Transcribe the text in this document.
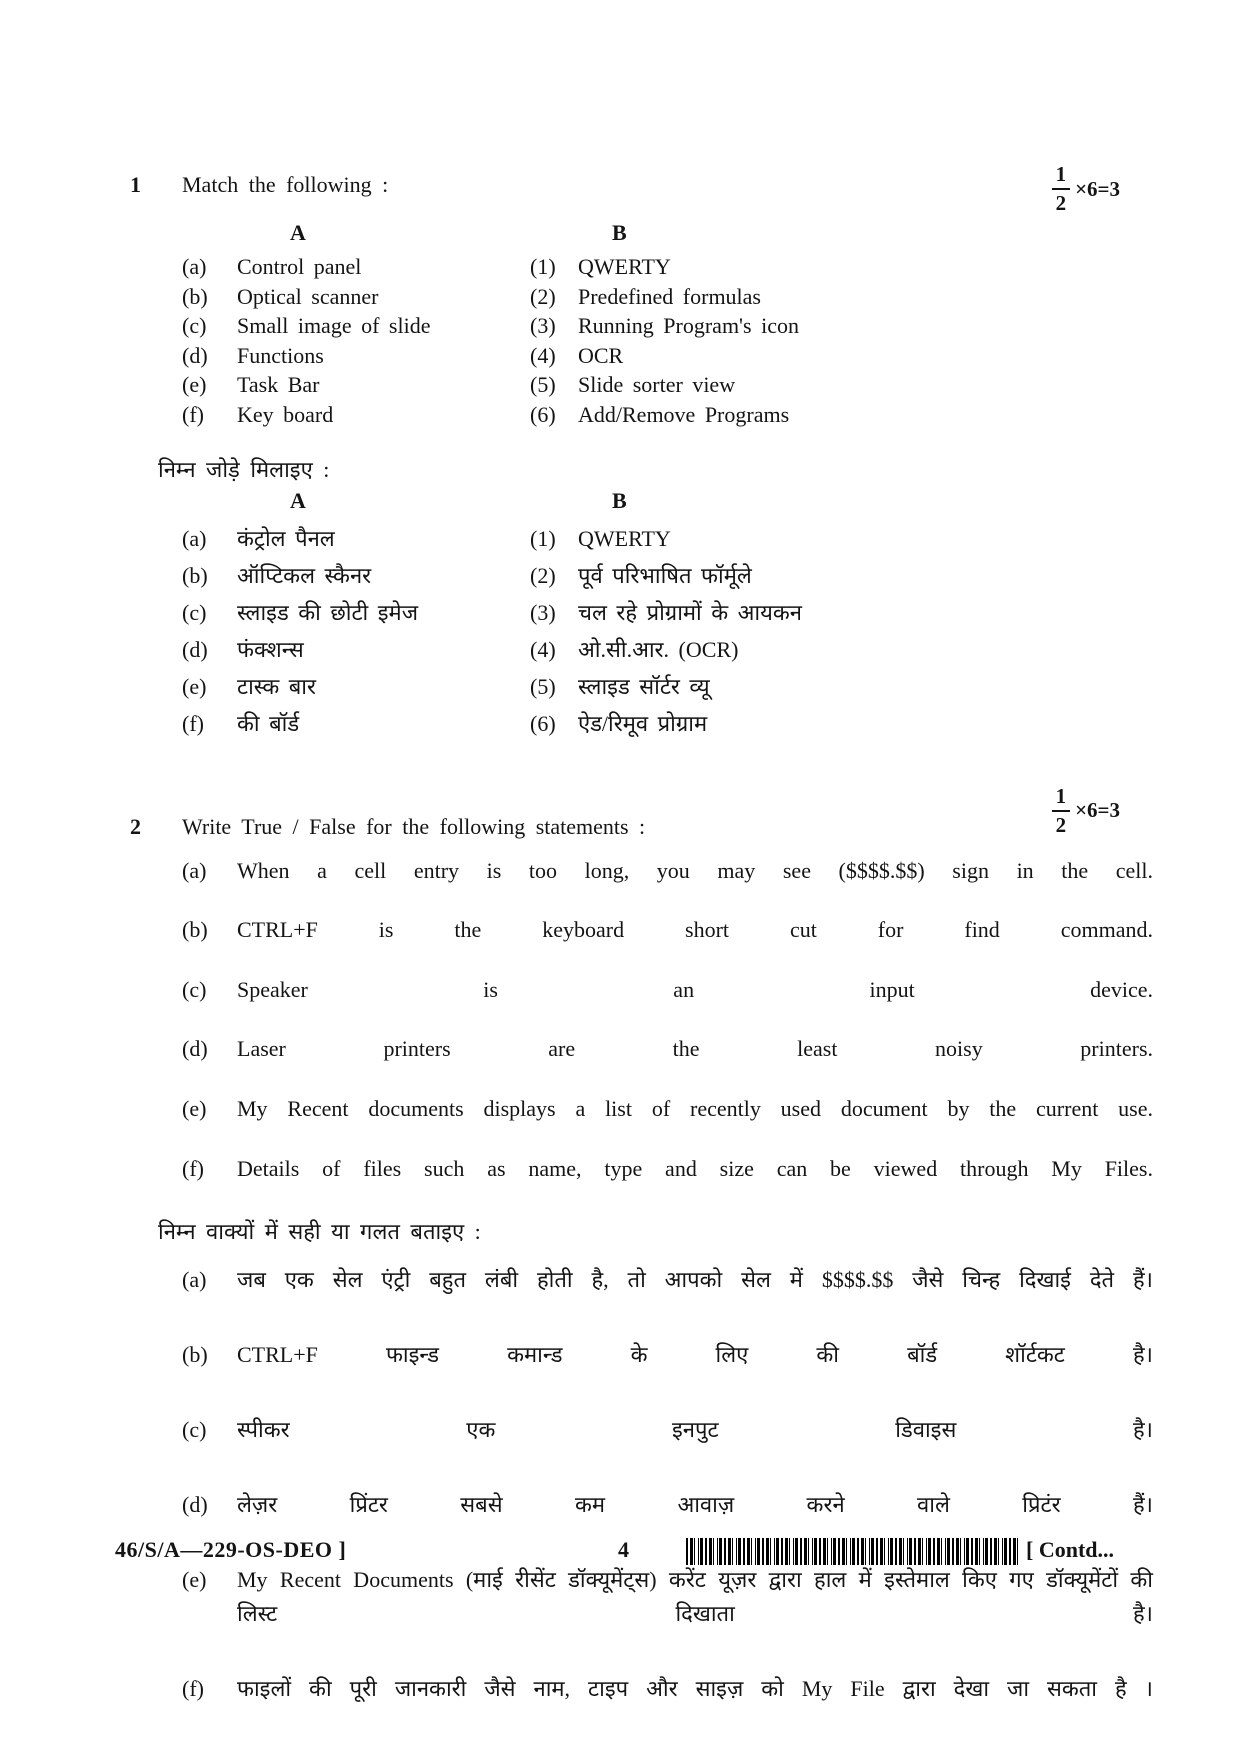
$\frac{1}{2} \times 6=3$
1	Match the following :
A	B
(a)	Control panel	(1)	QWERTY
(b)	Optical scanner	(2)	Predefined formulas
(c)	Small image of slide	(3)	Running Program's icon
(d)	Functions	(4)	OCR
(e)	Task Bar	(5)	Slide sorter view
(f)	Key board	(6)	Add/Remove Programs
निम्न जोड़े मिलाइए :
A	B
(a)	कंट्रोल पैनल	(1)	QWERTY
(b)	ऑप्टिकल स्कैनर	(2)	पूर्व परिभाषित फॉर्मूले
(c)	स्लाइड की छोटी इमेज	(3)	चल रहे प्रोग्रामों के आयकन
(d)	फंक्शन्स	(4)	ओ.सी.आर. (OCR)
(e)	टास्क बार	(5)	स्लाइड सॉर्टर व्यू
(f)	की बॉर्ड	(6)	ऐड/रिमूव प्रोग्राम
$\frac{1}{2} \times 6=3$
2	Write True / False for the following statements :
(a)	When a cell entry is too long, you may see ($$$$.$$) sign in the cell.
(b)	CTRL+F is the keyboard short cut for find command.
(c)	Speaker is an input device.
(d)	Laser printers are the least noisy printers.
(e)	My Recent documents displays a list of recently used document by the current use.
(f)	Details of files such as name, type and size can be viewed through My Files.
निम्न वाक्यों में सही या गलत बताइए :
(a)	जब एक सेल एंट्री बहुत लंबी होती है, तो आपको सेल में $$$$.$$ जैसे चिन्ह दिखाई देते हैं।
(b)	CTRL+F फाइन्ड कमान्ड के लिए की बॉर्ड शॉर्टकट है।
(c)	स्पीकर एक इनपुट डिवाइस है।
(d)	लेज़र प्रिंटर सबसे कम आवाज़ करने वाले प्रिटंर हैं।
(e)	My Recent Documents (माई रीसेंट डॉक्यूमेंट्स) करेंट यूज़र द्वारा हाल में इस्तेमाल किए गए डॉक्यूमेंटों की लिस्ट दिखाता है।
(f)	फाइलों की पूरी जानकारी जैसे नाम, टाइप और साइज़ को My File द्वारा देखा जा सकता है ।
46/S/A—229-OS-DEO ]	4	[ Contd...
